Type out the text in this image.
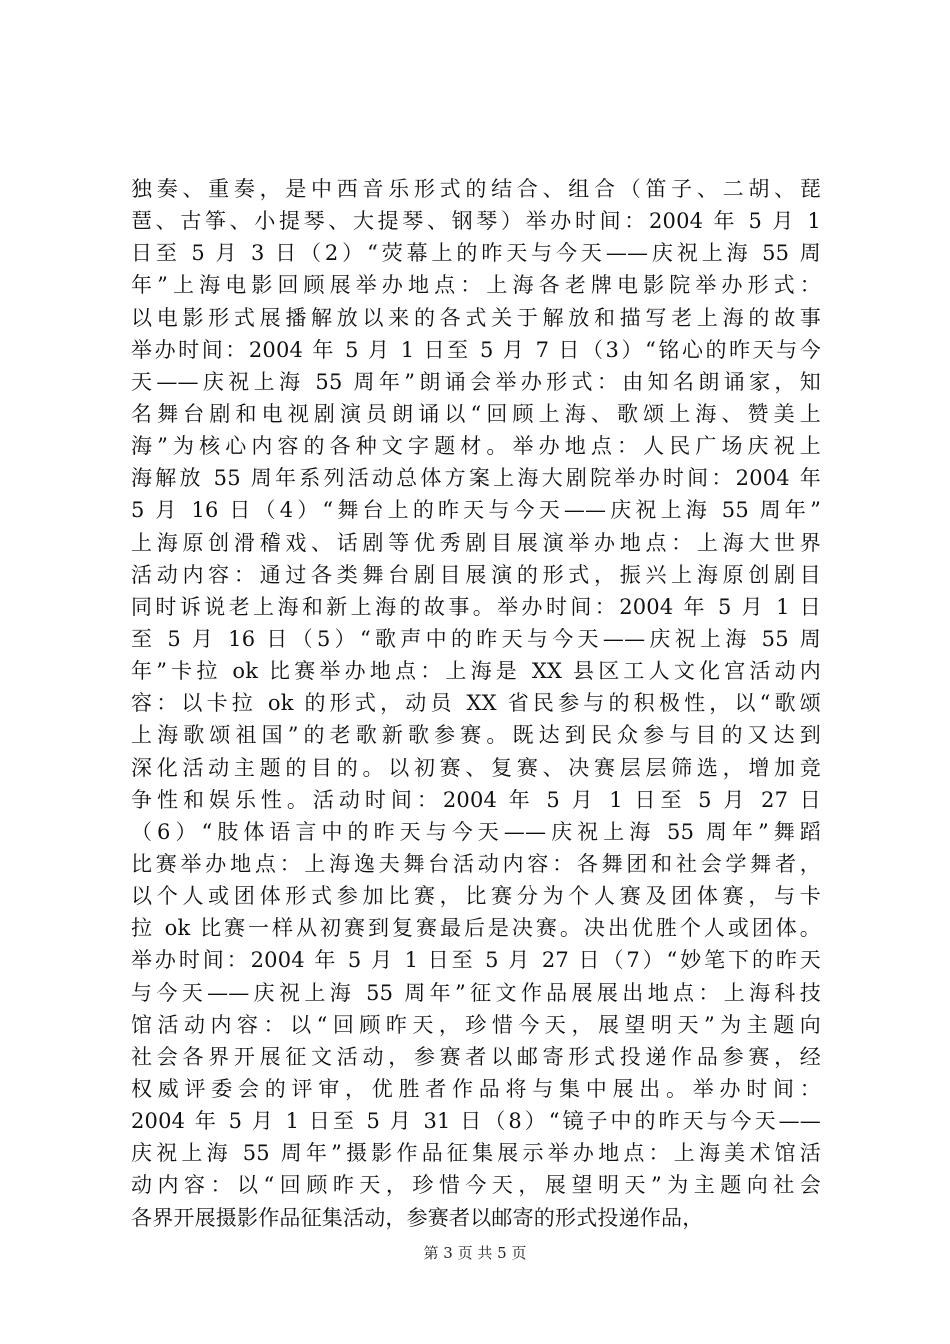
独奏、重奏，是中西音乐形式的结合、组合（笛子、二胡、琵
琶、古筝、小提琴、大提琴、钢琴）举办时间：2004 年 5 月 1
日至 5 月 3 日（2）“荧幕上的昨天与今天——庆祝上海 55 周
年”上海电影回顾展举办地点：上海各老牌电影院举办形式：
以电影形式展播解放以来的各式关于解放和描写老上海的故事
举办时间：2004 年 5 月 1 日至 5 月 7 日（3）“铭心的昨天与今
天——庆祝上海 55 周年”朗诵会举办形式：由知名朗诵家，知
名舞台剧和电视剧演员朗诵以“回顾上海、歌颂上海、赞美上
海”为核心内容的各种文字题材。举办地点：人民广场庆祝上
海解放 55 周年系列活动总体方案上海大剧院举办时间：2004 年
5 月 16 日（4）“舞台上的昨天与今天——庆祝上海 55 周年”
上海原创滑稽戏、话剧等优秀剧目展演举办地点：上海大世界
活动内容：通过各类舞台剧目展演的形式，振兴上海原创剧目
同时诉说老上海和新上海的故事。举办时间：2004 年 5 月 1 日
至 5 月 16 日（5）“歌声中的昨天与今天——庆祝上海 55 周
年”卡拉 ok 比赛举办地点：上海是 XX 县区工人文化宫活动内
容：以卡拉 ok 的形式，动员 XX 省民参与的积极性，以“歌颂
上海歌颂祖国”的老歌新歌参赛。既达到民众参与目的又达到
深化活动主题的目的。以初赛、复赛、决赛层层筛选，增加竞
争性和娱乐性。活动时间：2004 年 5 月 1 日至 5 月 27 日
（6）“肢体语言中的昨天与今天——庆祝上海 55 周年”舞蹈
比赛举办地点：上海逸夫舞台活动内容：各舞团和社会学舞者，
以个人或团体形式参加比赛，比赛分为个人赛及团体赛，与卡
拉 ok 比赛一样从初赛到复赛最后是决赛。决出优胜个人或团体。
举办时间：2004 年 5 月 1 日至 5 月 27 日（7）“妙笔下的昨天
与今天——庆祝上海 55 周年”征文作品展展出地点：上海科技
馆活动内容：以“回顾昨天，珍惜今天，展望明天”为主题向
社会各界开展征文活动，参赛者以邮寄形式投递作品参赛，经
权威评委会的评审，优胜者作品将与集中展出。举办时间：
2004 年 5 月 1 日至 5 月 31 日（8）“镜子中的昨天与今天——
庆祝上海 55 周年”摄影作品征集展示举办地点：上海美术馆活
动内容：以“回顾昨天，珍惜今天，展望明天”为主题向社会
各界开展摄影作品征集活动，参赛者以邮寄的形式投递作品，
第 3 页 共 5 页
